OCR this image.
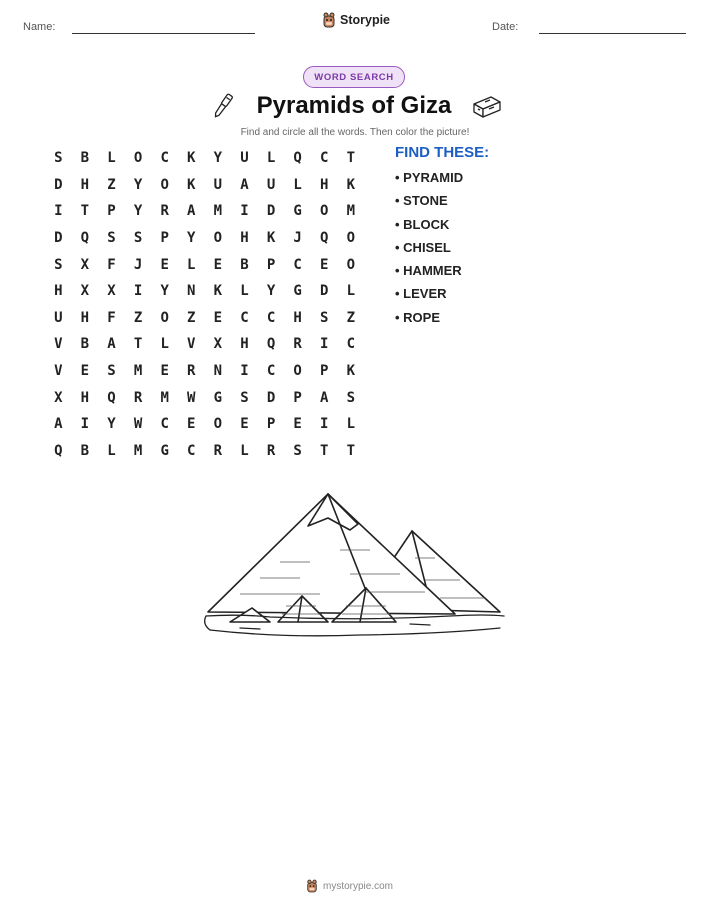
Name:	Storypie	Date:
WORD SEARCH
Pyramids of Giza
Find and circle all the words. Then color the picture!
S	B	L	O	C	K	Y	U	L	Q	C	T
D	H	Z	Y	O	K	U	A	U	L	H	K
I	T	P	Y	R	A	M	I	D	G	O	M
D	Q	S	S	P	Y	O	H	K	J	Q	O
S	X	F	J	E	L	E	B	P	C	E	O
H	X	X	I	Y	N	K	L	Y	G	D	L
U	H	F	Z	O	Z	E	C	C	H	S	Z
V	B	A	T	L	V	X	H	Q	R	I	C
V	E	S	M	E	R	N	I	C	O	P	K
X	H	Q	R	M	W	G	S	D	P	A	S
A	I	Y	W	C	E	O	E	P	E	I	L
Q	B	L	M	G	C	R	L	R	S	T	T
FIND THESE:
• PYRAMID
• STONE
• BLOCK
• CHISEL
• HAMMER
• LEVER
• ROPE
mystorypie.com
